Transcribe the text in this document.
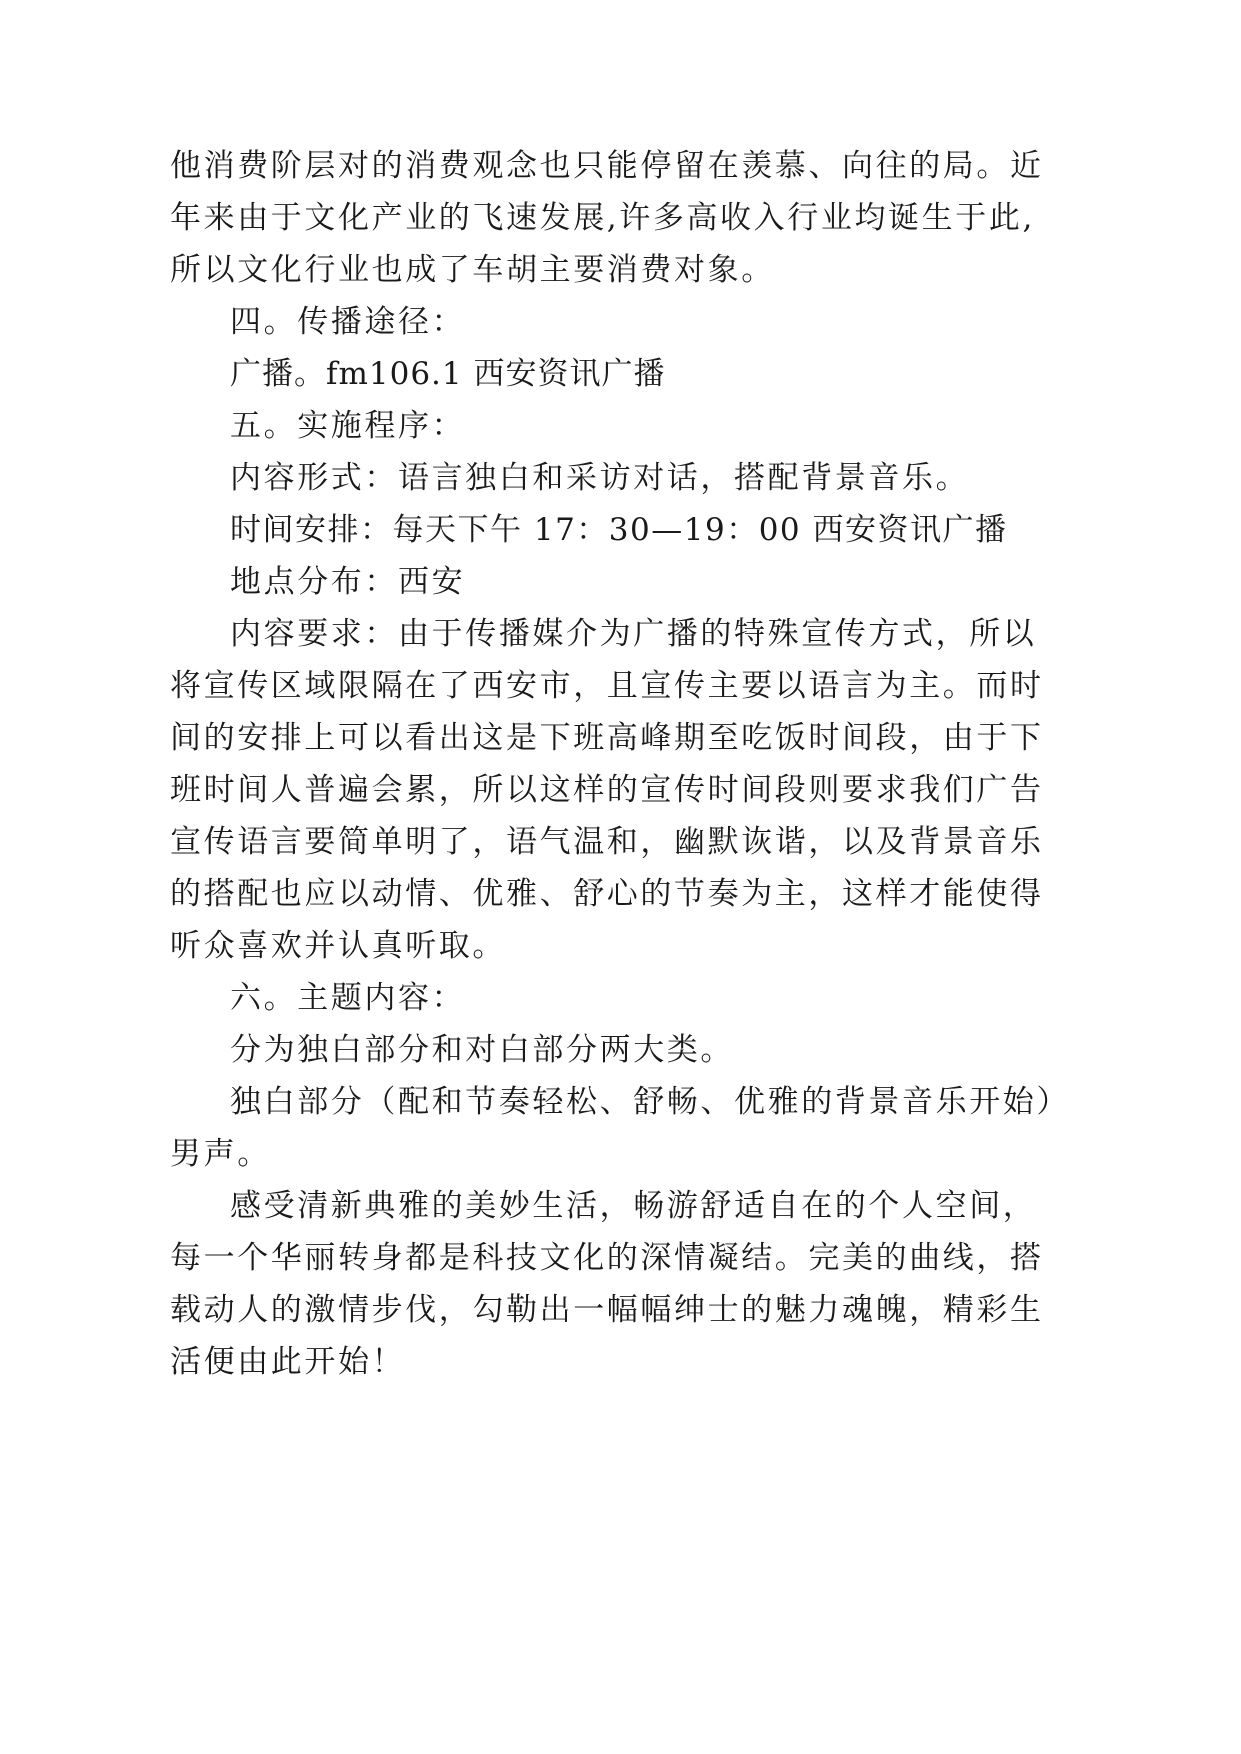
他消费阶层对的消费观念也只能停留在羡慕、向往的局。近

年来由于文化产业的飞速发展,许多高收入行业均诞生于此,

所以文化行业也成了车胡主要消费对象。

四。传播途径：

广播。fm106.1 西安资讯广播

五。实施程序：

内容形式：语言独白和采访对话，搭配背景音乐。

时间安排：每天下午 17：30—19：00 西安资讯广播

地点分布：西安

内容要求：由于传播媒介为广播的特殊宣传方式，所以

将宣传区域限隔在了西安市，且宣传主要以语言为主。而时

间的安排上可以看出这是下班高峰期至吃饭时间段，由于下

班时间人普遍会累，所以这样的宣传时间段则要求我们广告

宣传语言要简单明了，语气温和，幽默诙谐，以及背景音乐

的搭配也应以动情、优雅、舒心的节奏为主，这样才能使得

听众喜欢并认真听取。

六。主题内容：

分为独白部分和对白部分两大类。

独白部分（配和节奏轻松、舒畅、优雅的背景音乐开始）

男声。

感受清新典雅的美妙生活，畅游舒适自在的个人空间，

每一个华丽转身都是科技文化的深情凝结。完美的曲线，搭

载动人的激情步伐，勾勒出一幅幅绅士的魅力魂魄，精彩生

活便由此开始！
